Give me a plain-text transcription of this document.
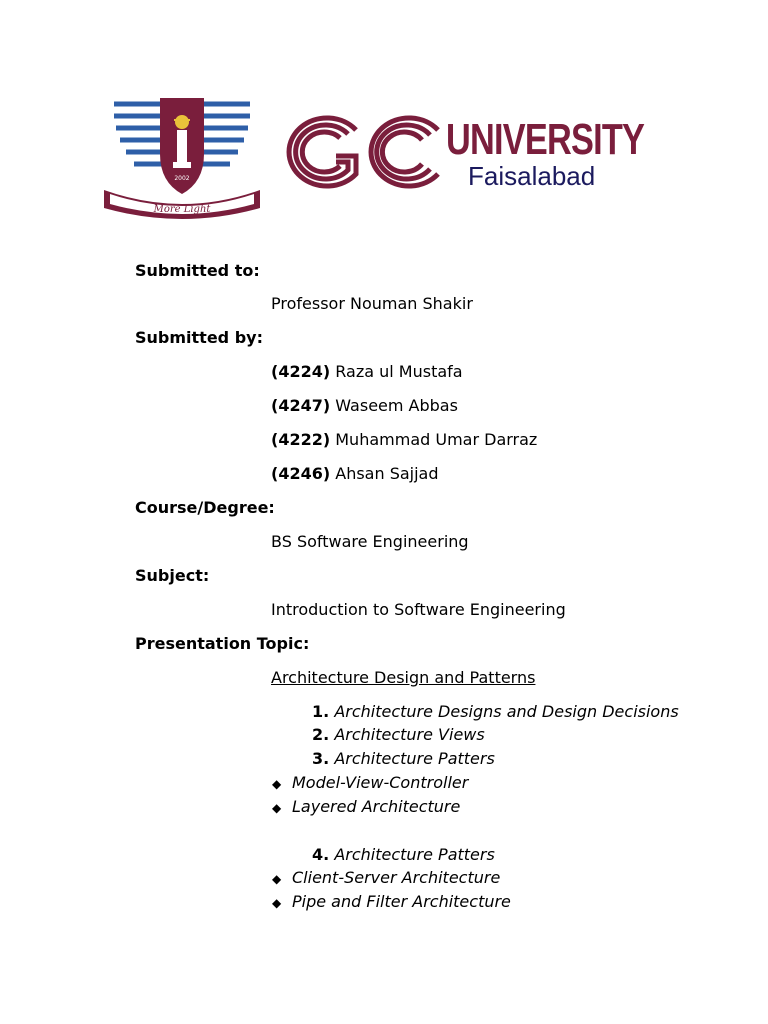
2002
More Light
UNIVERSITY
Faisalabad
Submitted to:
Professor Nouman Shakir
Submitted by:
(4224) Raza ul Mustafa
(4247) Waseem Abbas
(4222) Muhammad Umar Darraz
(4246) Ahsan Sajjad
Course/Degree:
BS Software Engineering
Subject:
Introduction to Software Engineering
Presentation Topic:
Architecture Design and Patterns
1. Architecture Designs and Design Decisions
2. Architecture Views
3. Architecture Patters
◆ Model-View-Controller
◆ Layered Architecture
4. Architecture Patters
◆ Client-Server Architecture
◆ Pipe and Filter Architecture
